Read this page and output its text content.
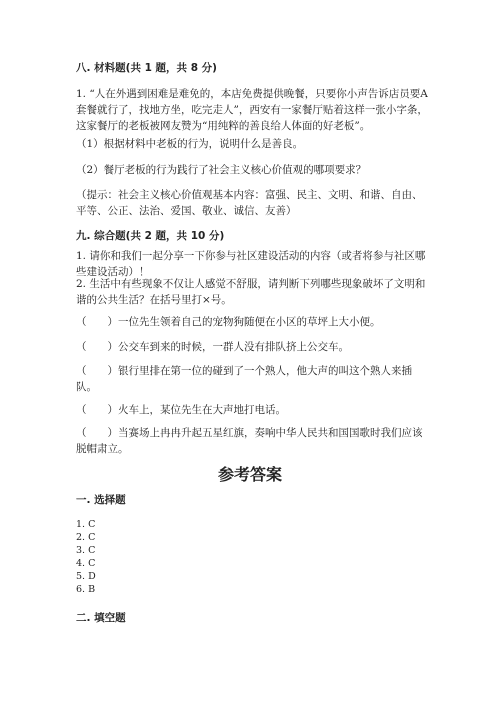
八. 材料题(共 1 题，共 8 分)

1. “人在外遇到困难是难免的，本店免费提供晚餐，只要你小声告诉店员要A套餐就行了，找地方坐，吃完走人”，西安有一家餐厅贴着这样一张小字条，这家餐厅的老板被网友赞为“用纯粹的善良给人体面的好老板”。

（1）根据材料中老板的行为，说明什么是善良。

（2）餐厅老板的行为践行了社会主义核心价值观的哪项要求？

（提示：社会主义核心价值观基本内容：富强、民主、文明、和谐、自由、平等、公正、法治、爱国、敬业、诚信、友善）

九. 综合题(共 2 题，共 10 分)

1. 请你和我们一起分享一下你参与社区建设活动的内容（或者将参与社区哪些建设活动）！

2. 生活中有些现象不仅让人感觉不舒服，请判断下列哪些现象破坏了文明和谐的公共生活？在括号里打×号。

（　　）一位先生领着自己的宠物狗随便在小区的草坪上大小便。

（　　）公交车到来的时候，一群人没有排队挤上公交车。

（　　）银行里排在第一位的碰到了一个熟人，他大声的叫这个熟人来插队。

（　　）火车上，某位先生在大声地打电话。

（　　）当赛场上冉冉升起五星红旗，奏响中华人民共和国国歌时我们应该脱帽肃立。

参考答案

一. 选择题

1. C

2. C

3. C

4. C

5. D

6. B

二. 填空题
